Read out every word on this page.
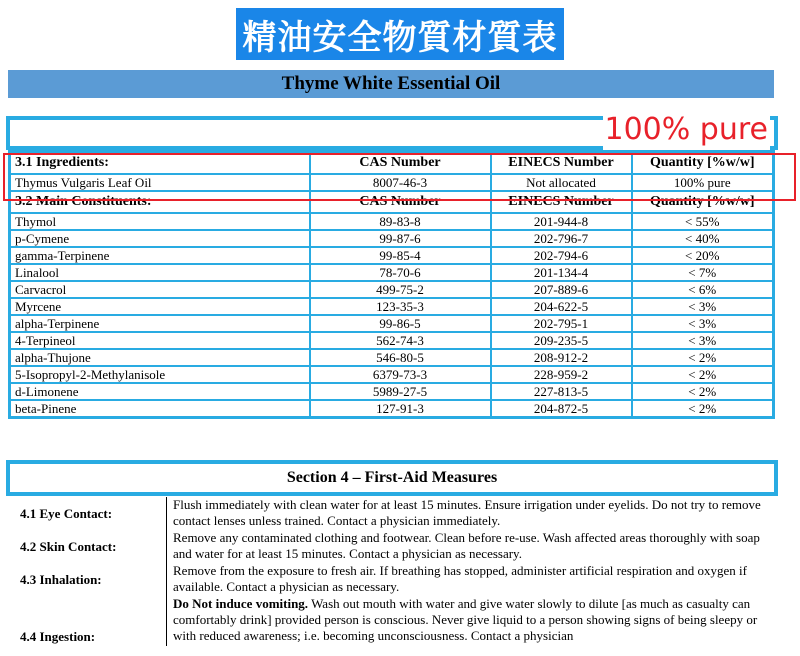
精油安全物質材質表
Thyme White Essential Oil
100% pure
3.1 Ingredients:	CAS Number	EINECS Number	Quantity [%w/w]
Thymus Vulgaris Leaf Oil	8007-46-3	Not allocated	100% pure
3.2 Main Constituents:	CAS Number	EINECS Number	Quantity [%w/w]
Thymol	89-83-8	201-944-8	< 55%
p-Cymene	99-87-6	202-796-7	< 40%
gamma-Terpinene	99-85-4	202-794-6	< 20%
Linalool	78-70-6	201-134-4	< 7%
Carvacrol	499-75-2	207-889-6	< 6%
Myrcene	123-35-3	204-622-5	< 3%
alpha-Terpinene	99-86-5	202-795-1	< 3%
4-Terpineol	562-74-3	209-235-5	< 3%
alpha-Thujone	546-80-5	208-912-2	< 2%
5-Isopropyl-2-Methylanisole	6379-73-3	228-959-2	< 2%
d-Limonene	5989-27-5	227-813-5	< 2%
beta-Pinene	127-91-3	204-872-5	< 2%
Section 4 – First-Aid Measures
4.1 Eye Contact:
Flush immediately with clean water for at least 15 minutes. Ensure irrigation under eyelids. Do not try to remove contact lenses unless trained. Contact a physician immediately.
4.2 Skin Contact:
Remove any contaminated clothing and footwear. Clean before re-use. Wash affected areas thoroughly with soap and water for at least 15 minutes. Contact a physician as necessary.
4.3 Inhalation:
Remove from the exposure to fresh air. If breathing has stopped, administer artificial respiration and oxygen if available. Contact a physician as necessary.
4.4 Ingestion:
Do Not induce vomiting. Wash out mouth with water and give water slowly to dilute [as much as casualty can comfortably drink] provided person is conscious. Never give liquid to a person showing signs of being sleepy or with reduced awareness; i.e. becoming unconsciousness. Contact a physician
